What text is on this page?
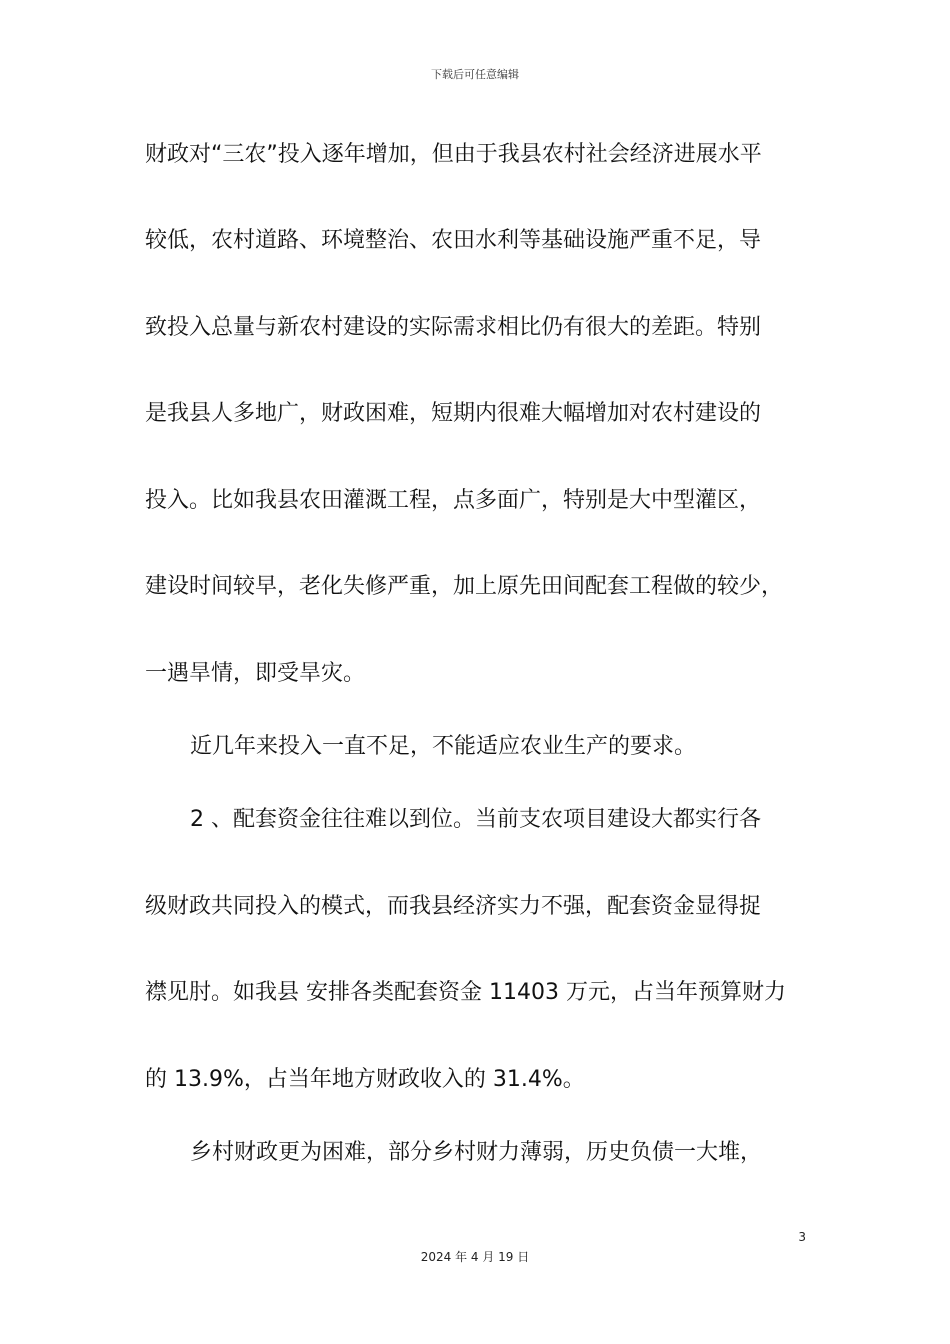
下载后可任意编辑
财政对“三农”投入逐年增加，但由于我县农村社会经济进展水平
较低，农村道路、环境整治、农田水利等基础设施严重不足，导
致投入总量与新农村建设的实际需求相比仍有很大的差距。特别
是我县人多地广，财政困难，短期内很难大幅增加对农村建设的
投入。比如我县农田灌溉工程，点多面广，特别是大中型灌区，
建设时间较早，老化失修严重，加上原先田间配套工程做的较少，
一遇旱情，即受旱灾。
近几年来投入一直不足，不能适应农业生产的要求。
2 、配套资金往往难以到位。当前支农项目建设大都实行各
级财政共同投入的模式，而我县经济实力不强，配套资金显得捉
襟见肘。如我县 安排各类配套资金 11403 万元，占当年预算财力
的 13.9%，占当年地方财政收入的 31.4%。
乡村财政更为困难，部分乡村财力薄弱，历史负债一大堆，
3
2024 年 4 月 19 日
